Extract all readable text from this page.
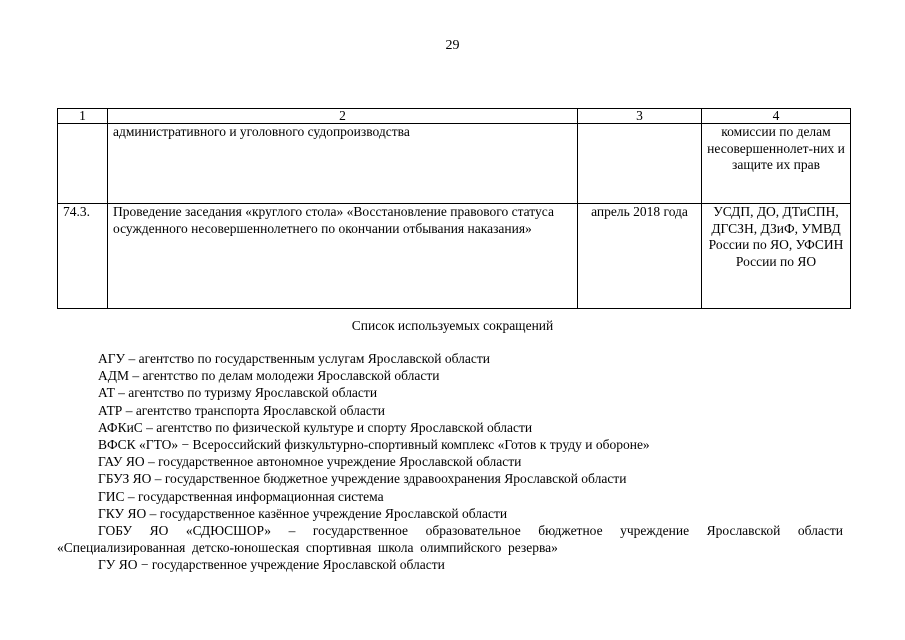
29
1	2	3	4
	административного и уголовного судопроизводства		комиссии по делам несовершеннолет-них и защите их прав
74.3.	Проведение заседания «круглого стола» «Восстановление правового статуса осужденного несовершеннолетнего по окончании отбывания наказания»	апрель 2018 года	УСДП, ДО, ДТиСПН, ДГСЗН, ДЗиФ, УМВД России по ЯО, УФСИН России по ЯО
Список используемых сокращений
АГУ – агентство по государственным услугам Ярославской области
АДМ – агентство по делам молодежи Ярославской области
АТ – агентство по туризму Ярославской области
АТР – агентство транспорта Ярославской области
АФКиС – агентство по физической культуре и спорту Ярославской области
ВФСК «ГТО» − Всероссийский физкультурно-спортивный комплекс «Готов к труду и обороне»
ГАУ ЯО – государственное автономное учреждение Ярославской области
ГБУЗ ЯО – государственное бюджетное учреждение здравоохранения Ярославской области
ГИС – государственная информационная система
ГКУ ЯО – государственное казённое учреждение Ярославской области
ГОБУ ЯО «СДЮСШОР» – государственное образовательное бюджетное учреждение Ярославской области «Специализированная детско-юношеская спортивная школа олимпийского резерва»
ГУ ЯО − государственное учреждение Ярославской области
